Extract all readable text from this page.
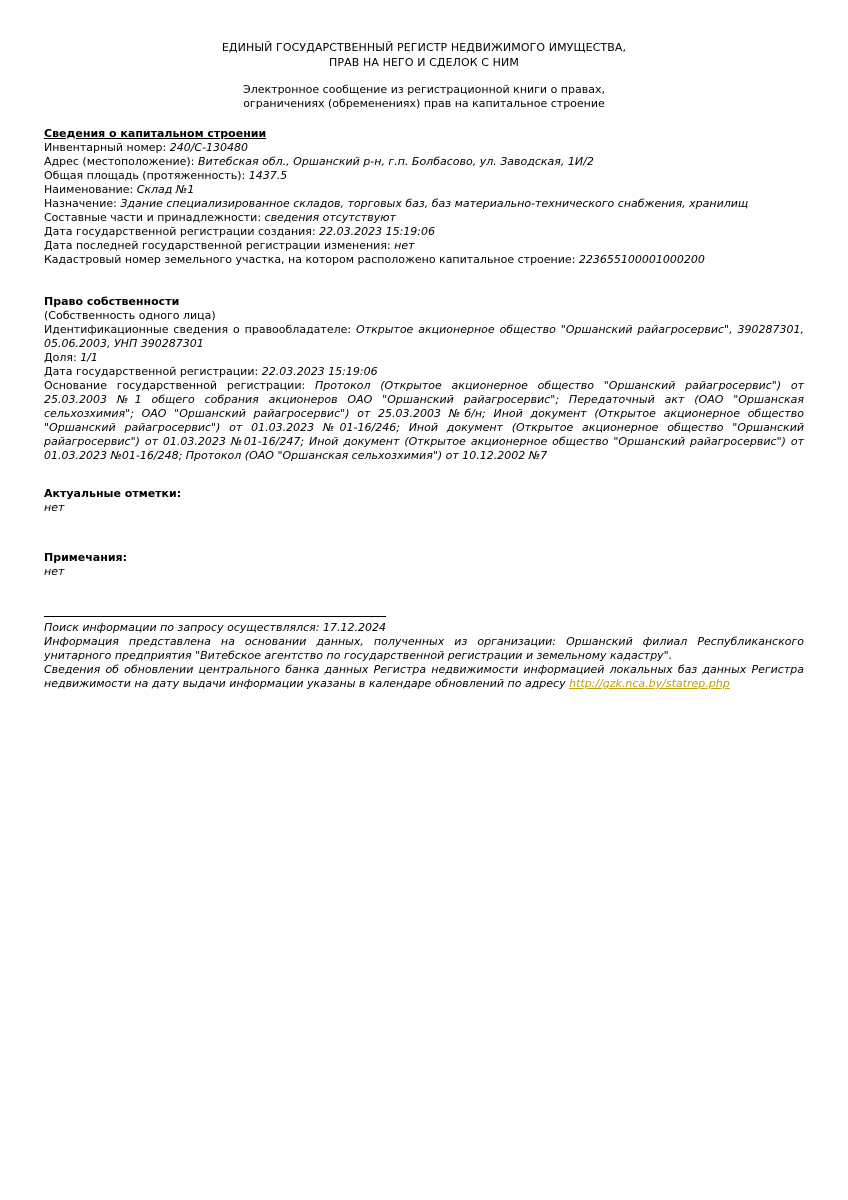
ЕДИНЫЙ ГОСУДАРСТВЕННЫЙ РЕГИСТР НЕДВИЖИМОГО ИМУЩЕСТВА,
ПРАВ НА НЕГО И СДЕЛОК С НИМ
Электронное сообщение из регистрационной книги о правах,
ограничениях (обременениях) прав на капитальное строение
Сведения о капитальном строении

Инвентарный номер: 240/С-130480

Адрес (местоположение): Витебская обл., Оршанский р-н, г.п. Болбасово, ул. Заводская, 1И/2

Общая площадь (протяженность): 1437.5

Наименование: Склад №1

Назначение: Здание специализированное складов, торговых баз, баз материально-технического снабжения, хранилищ

Составные части и принадлежности: сведения отсутствуют

Дата государственной регистрации создания: 22.03.2023 15:19:06

Дата последней государственной регистрации изменения: нет

Кадастровый номер земельного участка, на котором расположено капитальное строение: 223655100001000200

Право собственности

(Собственность одного лица)

Идентификационные сведения о правообладателе: Открытое акционерное общество "Оршанский райагросервис", 390287301, 05.06.2003, УНП 390287301

Доля: 1/1

Дата государственной регистрации: 22.03.2023 15:19:06

Основание государственной регистрации: Протокол (Открытое акционерное общество "Оршанский райагросервис") от 25.03.2003 №1 общего собрания акционеров ОАО "Оршанский райагросервис"; Передаточный акт (ОАО "Оршанская сельхозхимия"; ОАО "Оршанский райагросервис") от 25.03.2003 №б/н; Иной документ (Открытое акционерное общество "Оршанский райагросервис") от 01.03.2023 №01-16/246; Иной документ (Открытое акционерное общество "Оршанский райагросервис") от 01.03.2023 №01-16/247; Иной документ (Открытое акционерное общество "Оршанский райагросервис") от 01.03.2023 №01-16/248; Протокол (ОАО "Оршанская сельхозхимия") от 10.12.2002 №7

Актуальные отметки:

нет

Примечания:

нет

Поиск информации по запросу осуществлялся: 17.12.2024

Информация представлена на основании данных, полученных из организации: Оршанский филиал Республиканского унитарного предприятия "Витебское агентство по государственной регистрации и земельному кадастру".

Сведения об обновлении центрального банка данных Регистра недвижимости информацией локальных баз данных Регистра недвижимости на дату выдачи информации указаны в календаре обновлений по адресу http://gzk.nca.by/statrep.php
